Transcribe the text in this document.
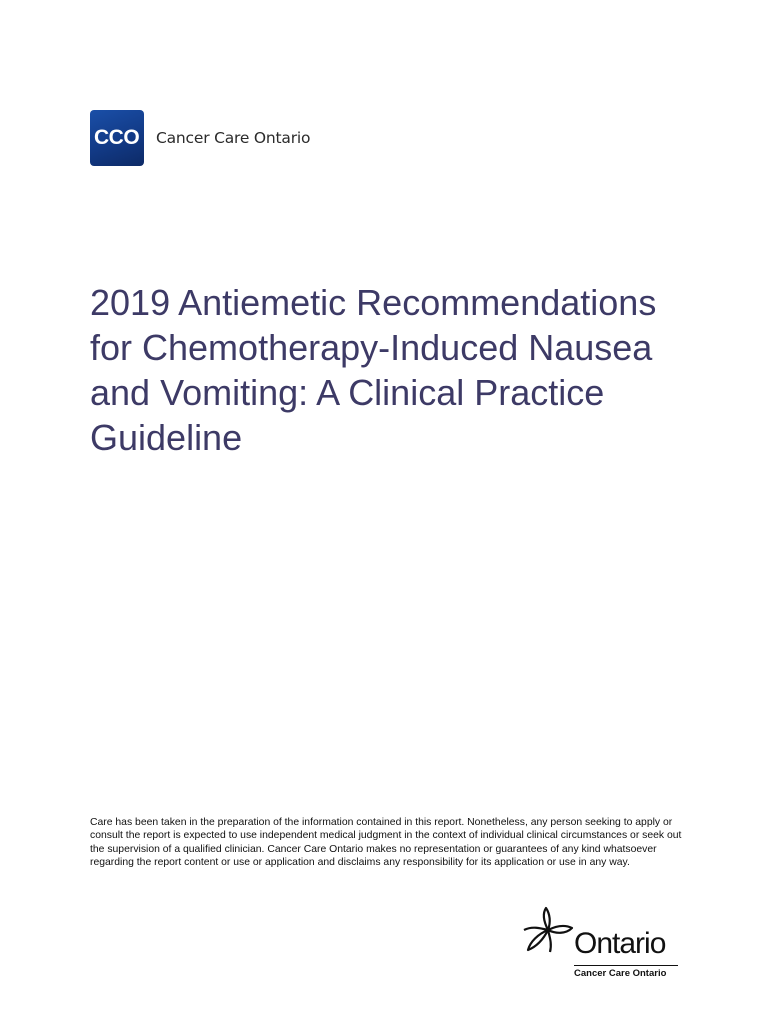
CCO	Cancer Care Ontario
2019 Antiemetic Recommendations
for Chemotherapy-Induced Nausea
and Vomiting: A Clinical Practice
Guideline

Care has been taken in the preparation of the information contained in this report. Nonetheless, any person seeking to apply or consult the report is expected to use independent medical judgment in the context of individual clinical circumstances or seek out the supervision of a qualified clinician. Cancer Care Ontario makes no representation or guarantees of any kind whatsoever regarding the report content or use or application and disclaims any responsibility for its application or use in any way.

Ontario
Cancer Care Ontario
